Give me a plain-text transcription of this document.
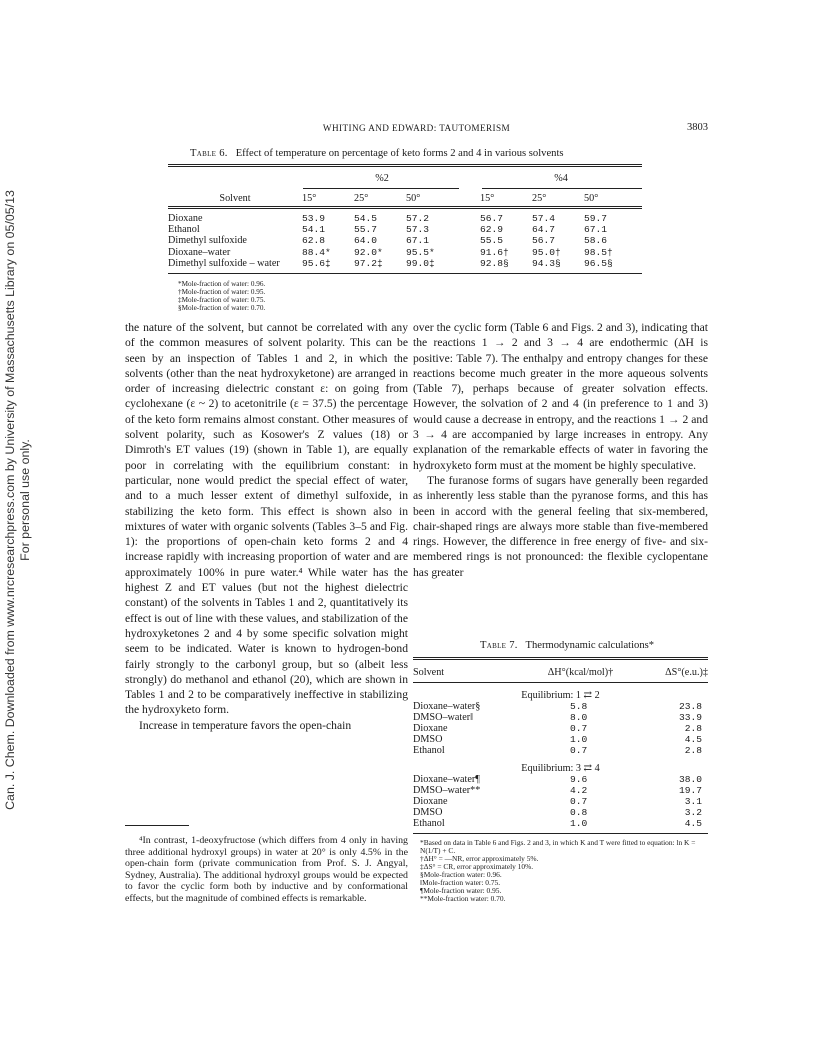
Can. J. Chem. Downloaded from www.nrcresearchpress.com by University of Massachusetts Library on 05/05/13 For personal use only.
WHITING AND EDWARD: TAUTOMERISM	3803
Table 6. Effect of temperature on percentage of keto forms 2 and 4 in various solvents
	%2				%4		
Solvent	15°	25°	50°		15°	25°	50°

Dioxane	53.9	54.5	57.2		56.7	57.4	59.7
Ethanol	54.1	55.7	57.3		62.9	64.7	67.1
Dimethyl sulfoxide	62.8	64.0	67.1		55.5	56.7	58.6
Dioxane–water	88.4*	92.0*	95.5*		91.6†	95.0†	98.5†
Dimethyl sulfoxide – water	95.6‡	97.2‡	99.0‡		92.8§	94.3§	96.5§
*Mole-fraction of water: 0.96.
†Mole-fraction of water: 0.95.
‡Mole-fraction of water: 0.75.
§Mole-fraction of water: 0.70.

the nature of the solvent, but cannot be correlated with any of the common measures of solvent polarity. This can be seen by an inspection of Tables 1 and 2, in which the solvents (other than the neat hydroxyketone) are arranged in order of increasing dielectric constant ε: on going from cyclohexane (ε ~ 2) to acetonitrile (ε = 37.5) the percentage of the keto form remains almost constant. Other measures of solvent polarity, such as Kosower's Z values (18) or Dimroth's ET values (19) (shown in Table 1), are equally poor in correlating with the equilibrium constant: in particular, none would predict the special effect of water, and to a much lesser extent of dimethyl sulfoxide, in stabilizing the keto form. This effect is shown also in mixtures of water with organic solvents (Tables 3–5 and Fig. 1): the proportions of open-chain keto forms 2 and 4 increase rapidly with increasing proportion of water and are approximately 100% in pure water.⁴ While water has the highest Z and ET values (but not the highest dielectric constant) of the solvents in Tables 1 and 2, quantitatively its effect is out of line with these values, and stabilization of the hydroxyketones 2 and 4 by some specific solvation might seem to be indicated. Water is known to hydrogen-bond fairly strongly to the carbonyl group, but so (albeit less strongly) do methanol and ethanol (20), which are shown in Tables 1 and 2 to be comparatively ineffective in stabilizing the hydroxyketo form.

Increase in temperature favors the open-chain

⁴In contrast, 1-deoxyfructose (which differs from 4 only in having three additional hydroxyl groups) in water at 20° is only 4.5% in the open-chain form (private communication from Prof. S. J. Angyal, Sydney, Australia). The additional hydroxyl groups would be expected to favor the cyclic form both by inductive and by conformational effects, but the magnitude of combined effects is remarkable.

over the cyclic form (Table 6 and Figs. 2 and 3), indicating that the reactions 1 → 2 and 3 → 4 are endothermic (ΔH is positive: Table 7). The enthalpy and entropy changes for these reactions become much greater in the more aqueous solvents (Table 7), perhaps because of greater solvation effects. However, the solvation of 2 and 4 (in preference to 1 and 3) would cause a decrease in entropy, and the reactions 1 → 2 and 3 → 4 are accompanied by large increases in entropy. Any explanation of the remarkable effects of water in favoring the hydroxyketo form must at the moment be highly speculative.

The furanose forms of sugars have generally been regarded as inherently less stable than the pyranose forms, and this has been in accord with the general feeling that six-membered, chair-shaped rings are always more stable than five-membered rings. However, the difference in free energy of five- and six-membered rings is not pronounced: the flexible cyclopentane has greater

Table 7. Thermodynamic calculations*
Solvent	ΔH°(kcal/mol)†	ΔS°(e.u.)‡

Equilibrium: 1 ⇄ 2		
Dioxane–water§	5.8	23.8
DMSO–water‖	8.0	33.9
Dioxane	0.7	2.8
DMSO	1.0	4.5
Ethanol	0.7	2.8

Equilibrium: 3 ⇄ 4		
Dioxane–water¶	9.6	38.0
DMSO–water**	4.2	19.7
Dioxane	0.7	3.1
DMSO	0.8	3.2
Ethanol	1.0	4.5
*Based on data in Table 6 and Figs. 2 and 3, in which K and T were fitted to equation: ln K = N(1/T) + C.
†ΔH° = —NR, error approximately 5%.
‡ΔS° = CR, error approximately 10%.
§Mole-fraction water: 0.96.
‖Mole-fraction water: 0.75.
¶Mole-fraction water: 0.95.
**Mole-fraction water: 0.70.
